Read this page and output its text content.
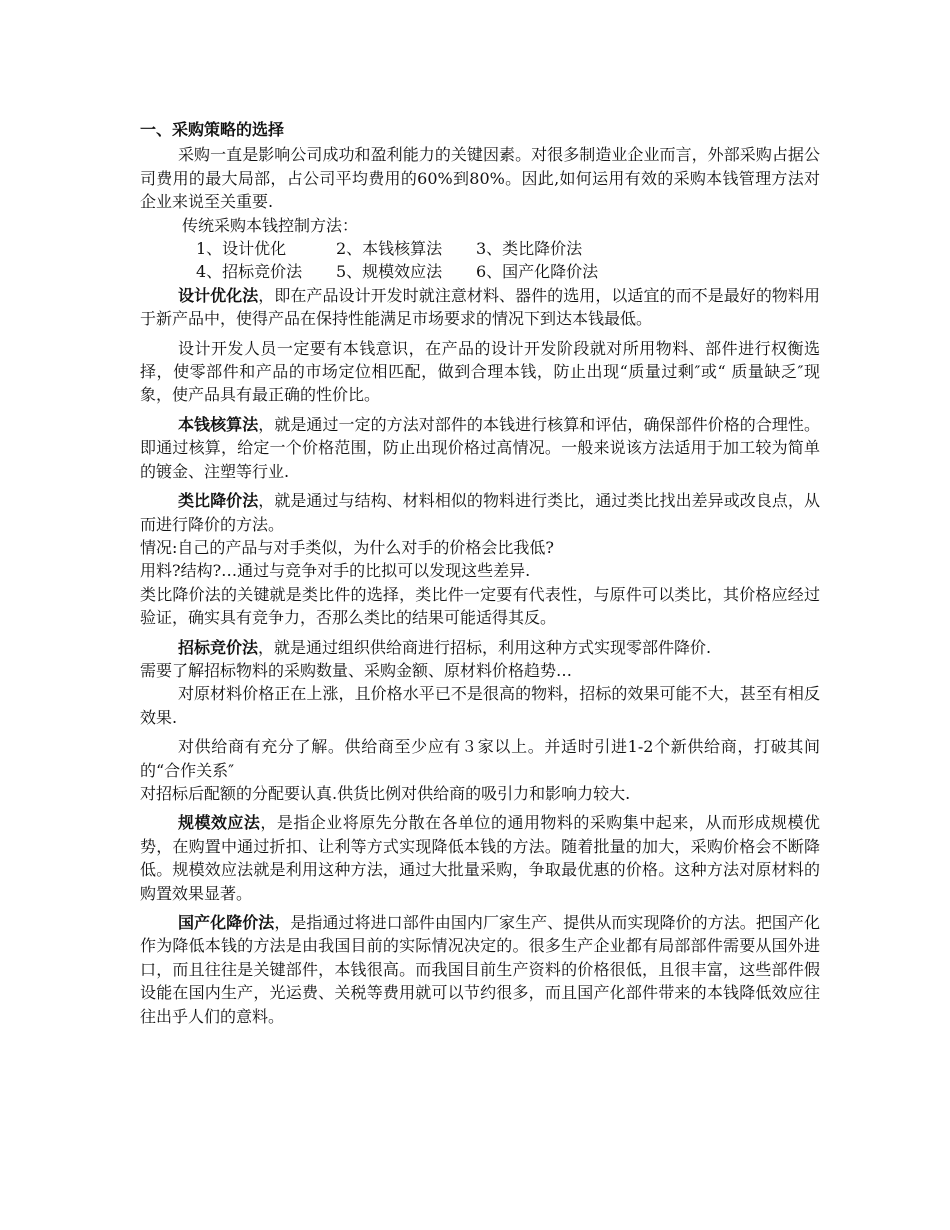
一、采购策略的选择

采购一直是影响公司成功和盈利能力的关键因素。对很多制造业企业而言，外部采购占据公司费用的最大局部，占公司平均费用的60%到80%。因此,如何运用有效的采购本钱管理方法对企业来说至关重要.

传统采购本钱控制方法：

1、设计优化	2、本钱核算法 3、类比降价法
4、招标竞价法 5、规模效应法 6、国产化降价法

设计优化法，即在产品设计开发时就注意材料、器件的选用，以适宜的而不是最好的物料用于新产品中，使得产品在保持性能满足市场要求的情况下到达本钱最低。

设计开发人员一定要有本钱意识，在产品的设计开发阶段就对所用物料、部件进行权衡选择，使零部件和产品的市场定位相匹配，做到合理本钱，防止出现“质量过剩″或“ 质量缺乏″现象，使产品具有最正确的性价比。

本钱核算法，就是通过一定的方法对部件的本钱进行核算和评估，确保部件价格的合理性。即通过核算，给定一个价格范围，防止出现价格过高情况。一般来说该方法适用于加工较为简单的镀金、注塑等行业.

类比降价法，就是通过与结构、材料相似的物料进行类比，通过类比找出差异或改良点，从而进行降价的方法。

情况:自己的产品与对手类似，为什么对手的价格会比我低?

用料?结构?…通过与竞争对手的比拟可以发现这些差异.

类比降价法的关键就是类比件的选择，类比件一定要有代表性，与原件可以类比，其价格应经过验证，确实具有竞争力，否那么类比的结果可能适得其反。

招标竞价法，就是通过组织供给商进行招标，利用这种方式实现零部件降价.

需要了解招标物料的采购数量、采购金额、原材料价格趋势…

对原材料价格正在上涨，且价格水平已不是很高的物料，招标的效果可能不大，甚至有相反效果.

对供给商有充分了解。供给商至少应有３家以上。并适时引进1-2个新供给商，打破其间的“合作关系″

对招标后配额的分配要认真.供货比例对供给商的吸引力和影响力较大.

规模效应法，是指企业将原先分散在各单位的通用物料的采购集中起来，从而形成规模优势，在购置中通过折扣、让利等方式实现降低本钱的方法。随着批量的加大，采购价格会不断降低。规模效应法就是利用这种方法，通过大批量采购，争取最优惠的价格。这种方法对原材料的购置效果显著。

国产化降价法，是指通过将进口部件由国内厂家生产、提供从而实现降价的方法。把国产化作为降低本钱的方法是由我国目前的实际情况决定的。很多生产企业都有局部部件需要从国外进口，而且往往是关键部件，本钱很高。而我国目前生产资料的价格很低，且很丰富，这些部件假设能在国内生产，光运费、关税等费用就可以节约很多，而且国产化部件带来的本钱降低效应往往出乎人们的意料。
